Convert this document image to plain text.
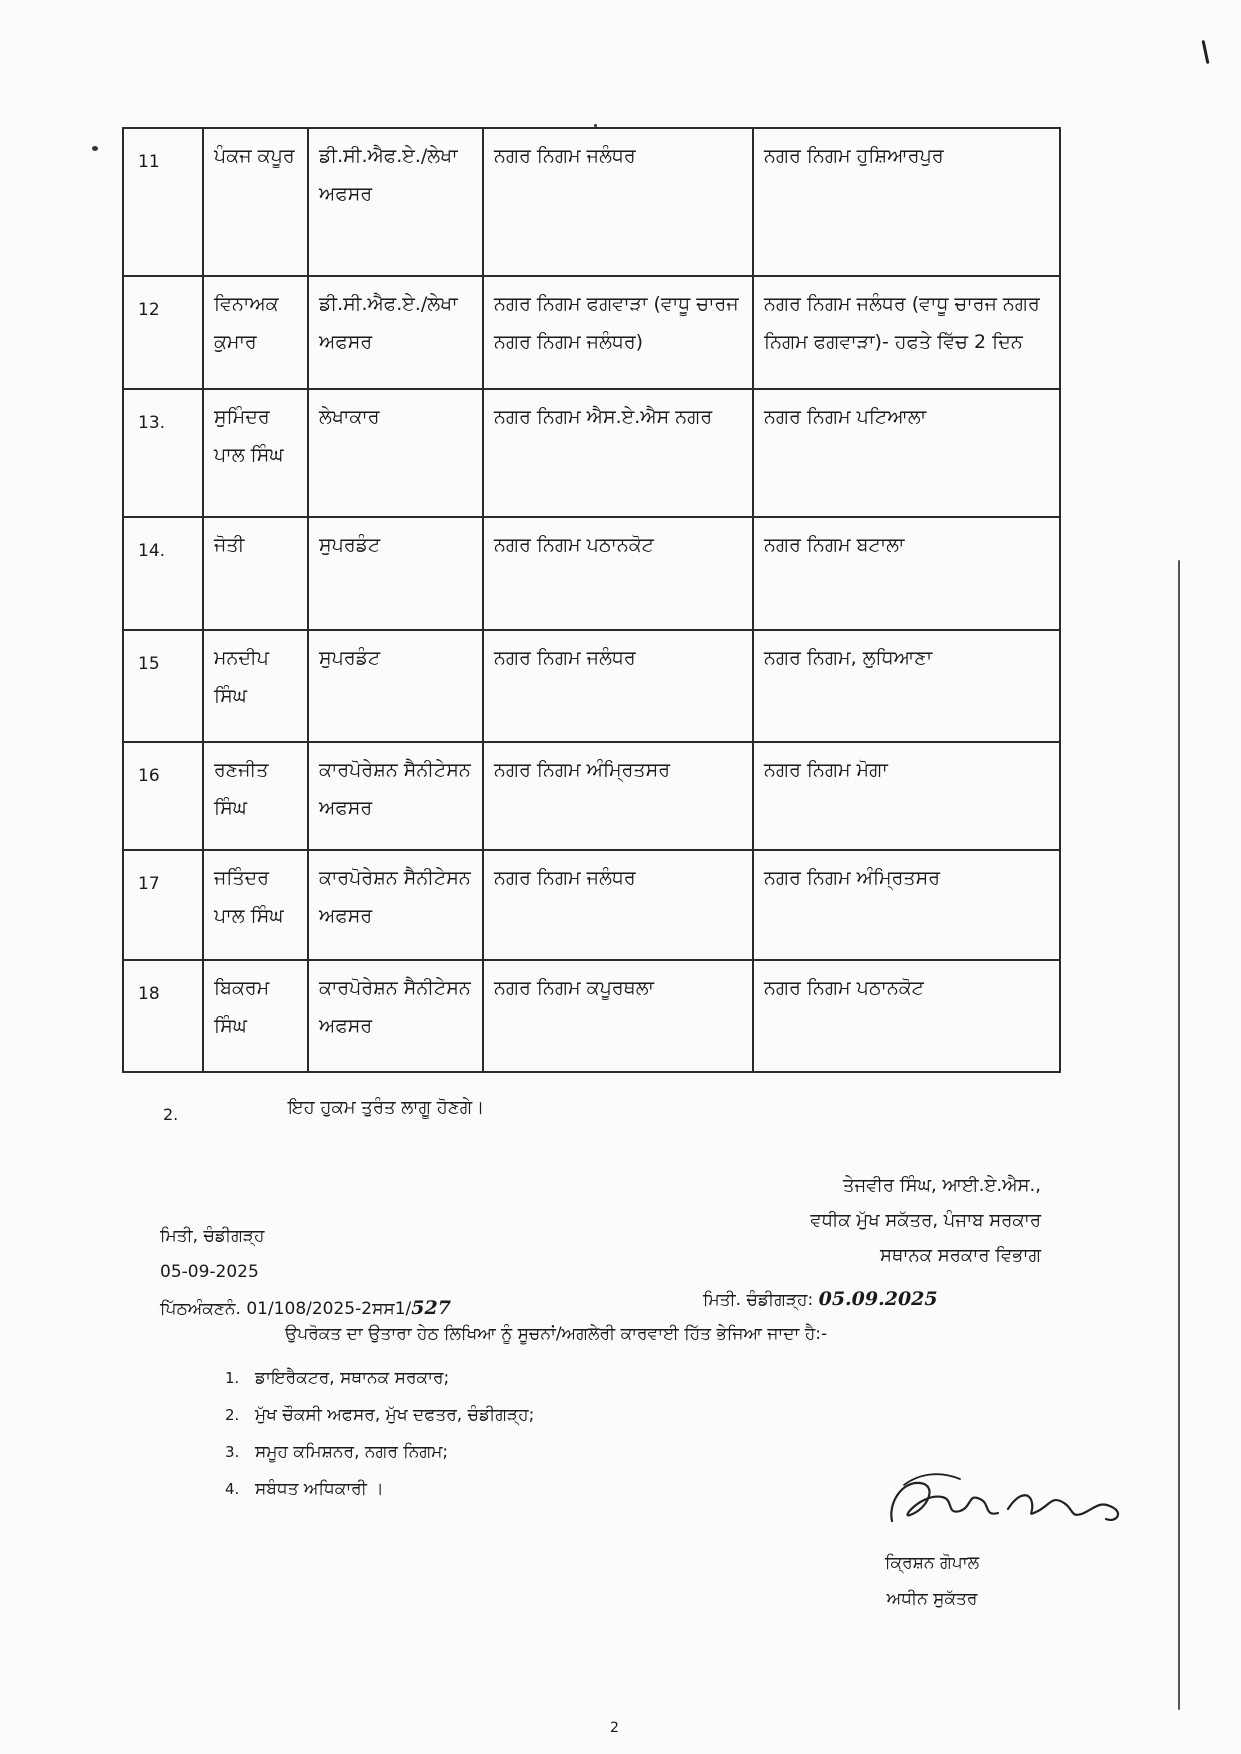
11	ਪੰਕਜ ਕਪੂਰ	ਡੀ.ਸੀ.ਐਫ.ਏ./ਲੇਖਾ ਅਫਸਰ	ਨਗਰ ਨਿਗਮ ਜਲੰਧਰ	ਨਗਰ ਨਿਗਮ ਹੁਸ਼ਿਆਰਪੁਰ
12	ਵਿਨਾਅਕ ਕੁਮਾਰ	ਡੀ.ਸੀ.ਐਫ.ਏ./ਲੇਖਾ ਅਫਸਰ	ਨਗਰ ਨਿਗਮ ਫਗਵਾੜਾ (ਵਾਧੂ ਚਾਰਜ ਨਗਰ ਨਿਗਮ ਜਲੰਧਰ)	ਨਗਰ ਨਿਗਮ ਜਲੰਧਰ (ਵਾਧੂ ਚਾਰਜ ਨਗਰ ਨਿਗਮ ਫਗਵਾੜਾ)- ਹਫਤੇ ਵਿੱਚ 2 ਦਿਨ
13.	ਸੁਮਿੰਦਰ ਪਾਲ ਸਿੰਘ	ਲੇਖਾਕਾਰ	ਨਗਰ ਨਿਗਮ ਐਸ.ਏ.ਐਸ ਨਗਰ	ਨਗਰ ਨਿਗਮ ਪਟਿਆਲਾ
14.	ਜੋਤੀ	ਸੁਪਰਡੰਟ	ਨਗਰ ਨਿਗਮ ਪਠਾਨਕੋਟ	ਨਗਰ ਨਿਗਮ ਬਟਾਲਾ
15	ਮਨਦੀਪ ਸਿੰਘ	ਸੁਪਰਡੰਟ	ਨਗਰ ਨਿਗਮ ਜਲੰਧਰ	ਨਗਰ ਨਿਗਮ, ਲੁਧਿਆਣਾ
16	ਰਣਜੀਤ ਸਿੰਘ	ਕਾਰਪੋਰੇਸ਼ਨ ਸੈਨੀਟੇਸਨ ਅਫਸਰ	ਨਗਰ ਨਿਗਮ ਅੰਮ੍ਰਿਤਸਰ	ਨਗਰ ਨਿਗਮ ਮੋਗਾ
17	ਜਤਿੰਦਰ ਪਾਲ ਸਿੰਘ	ਕਾਰਪੋਰੇਸ਼ਨ ਸੈਨੀਟੇਸਨ ਅਫਸਰ	ਨਗਰ ਨਿਗਮ ਜਲੰਧਰ	ਨਗਰ ਨਿਗਮ ਅੰਮ੍ਰਿਤਸਰ
18	ਬਿਕਰਮ ਸਿੰਘ	ਕਾਰਪੋਰੇਸ਼ਨ ਸੈਨੀਟੇਸਨ ਅਫਸਰ	ਨਗਰ ਨਿਗਮ ਕਪੂਰਥਲਾ	ਨਗਰ ਨਿਗਮ ਪਠਾਨਕੋਟ
2.	ਇਹ ਹੁਕਮ ਤੁਰੰਤ ਲਾਗੂ ਹੋਣਗੇ।
ਤੇਜਵੀਰ ਸਿੰਘ, ਆਈ.ਏ.ਐਸ.,
ਵਧੀਕ ਮੁੱਖ ਸਕੱਤਰ, ਪੰਜਾਬ ਸਰਕਾਰ
ਸਥਾਨਕ ਸਰਕਾਰ ਵਿਭਾਗ
ਮਿਤੀ, ਚੰਡੀਗੜ੍ਹ
05-09-2025
ਪਿੱਠਅੰਕਣਨੰ. 01/108/2025-2ਸਸ1/527	ਮਿਤੀ. ਚੰਡੀਗੜ੍ਹ: 05.09.2025
ਉਪਰੋਕਤ ਦਾ ਉਤਾਰਾ ਹੇਠ ਲਿਖਿਆ ਨੂੰ ਸੂਚਨਾਂ/ਅਗਲੇਰੀ ਕਾਰਵਾਈ ਹਿੱਤ ਭੇਜਿਆ ਜਾਦਾ ਹੈ:-
1. ਡਾਇਰੈਕਟਰ, ਸਥਾਨਕ ਸਰਕਾਰ;
2. ਮੁੱਖ ਚੌਕਸੀ ਅਫਸਰ, ਮੁੱਖ ਦਫਤਰ, ਚੰਡੀਗੜ੍ਹ;
3. ਸਮੂਹ ਕਮਿਸ਼ਨਰ, ਨਗਰ ਨਿਗਮ;
4. ਸਬੰਧਤ ਅਧਿਕਾਰੀ ।
ਕ੍ਰਿਸ਼ਨ ਗੋਪਾਲ
ਅਧੀਨ ਸੁਕੱਤਰ
2
